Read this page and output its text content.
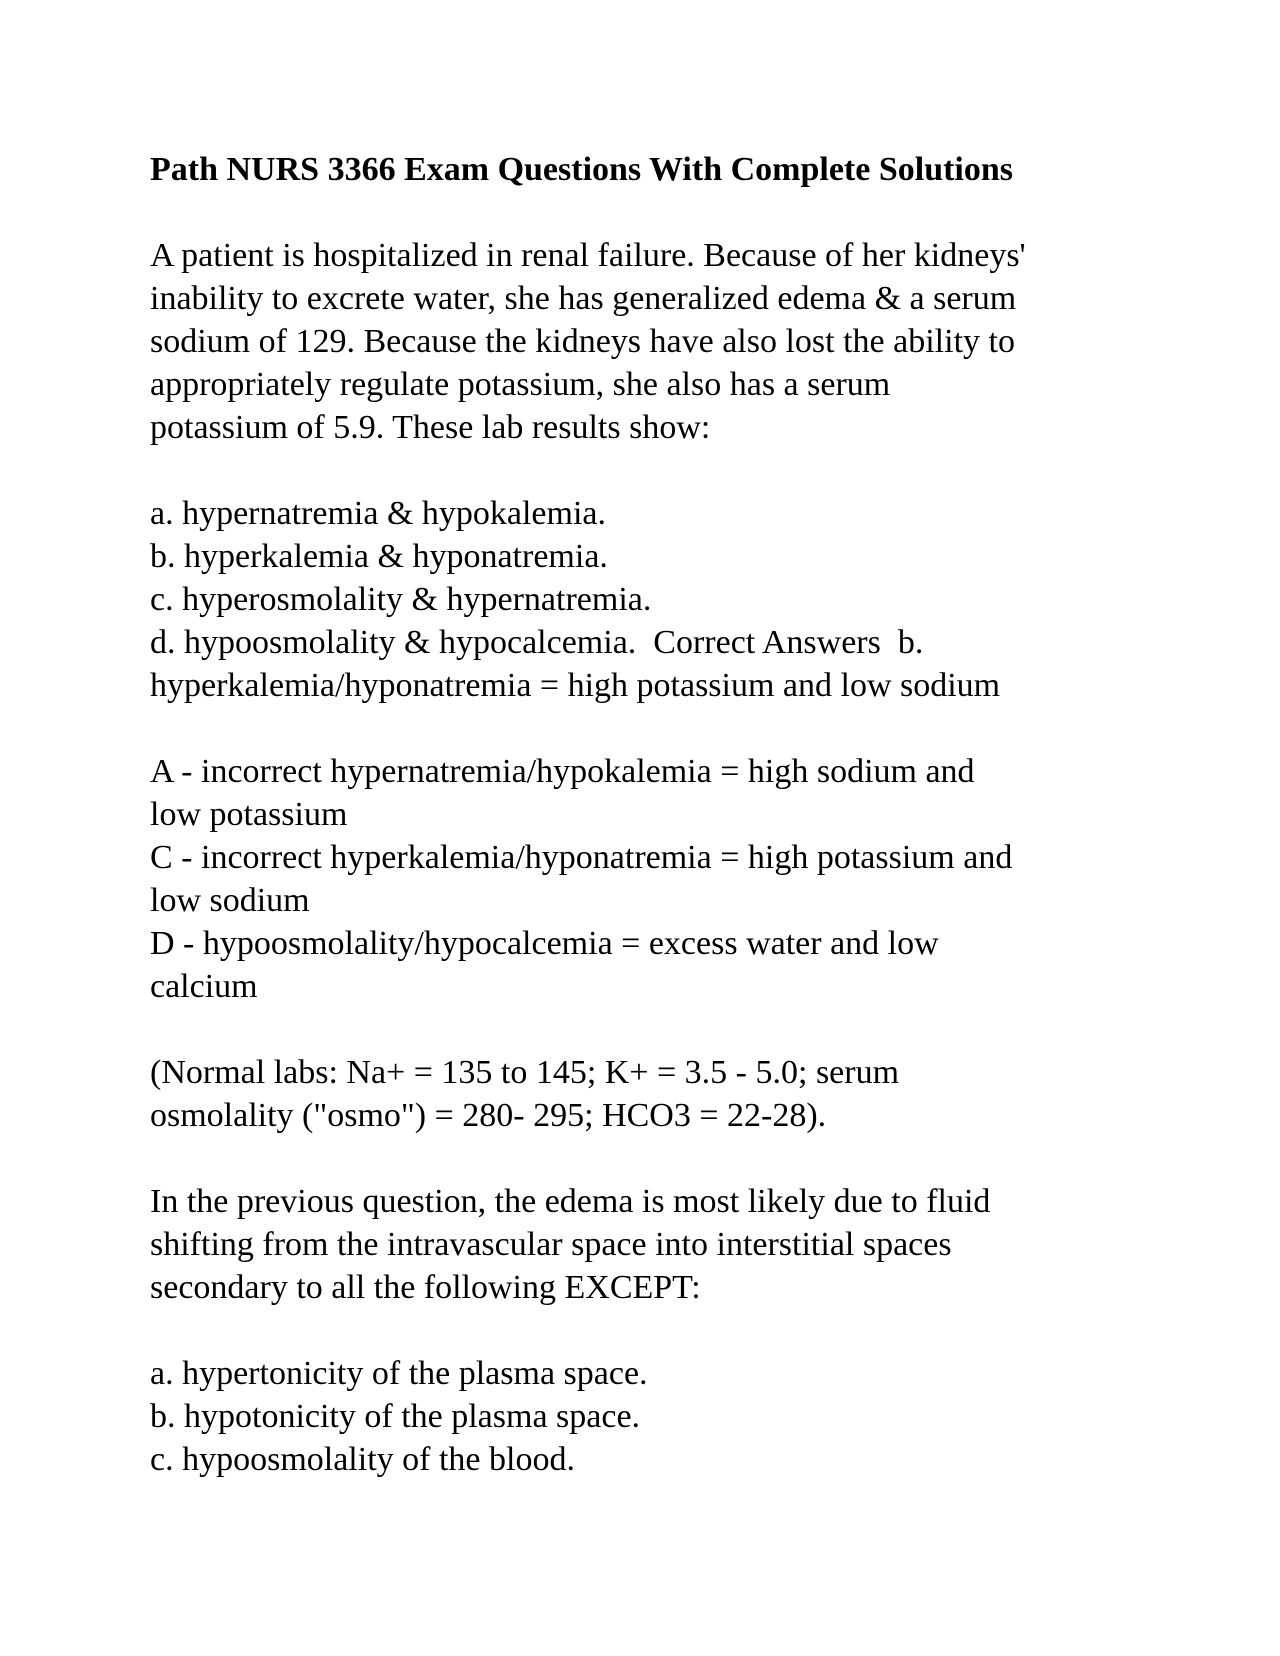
Path NURS 3366 Exam Questions With Complete Solutions
A patient is hospitalized in renal failure. Because of her kidneys'
inability to excrete water, she has generalized edema & a serum
sodium of 129. Because the kidneys have also lost the ability to
appropriately regulate potassium, she also has a serum
potassium of 5.9. These lab results show:
a. hypernatremia & hypokalemia.
b. hyperkalemia & hyponatremia.
c. hyperosmolality & hypernatremia.
d. hypoosmolality & hypocalcemia.  Correct Answers  b.
hyperkalemia/hyponatremia = high potassium and low sodium
A - incorrect hypernatremia/hypokalemia = high sodium and
low potassium
C - incorrect hyperkalemia/hyponatremia = high potassium and
low sodium
D - hypoosmolality/hypocalcemia = excess water and low
calcium
(Normal labs: Na+ = 135 to 145; K+ = 3.5 - 5.0; serum
osmolality ("osmo") = 280- 295; HCO3 = 22-28).
In the previous question, the edema is most likely due to fluid
shifting from the intravascular space into interstitial spaces
secondary to all the following EXCEPT:
a. hypertonicity of the plasma space.
b. hypotonicity of the plasma space.
c. hypoosmolality of the blood.
